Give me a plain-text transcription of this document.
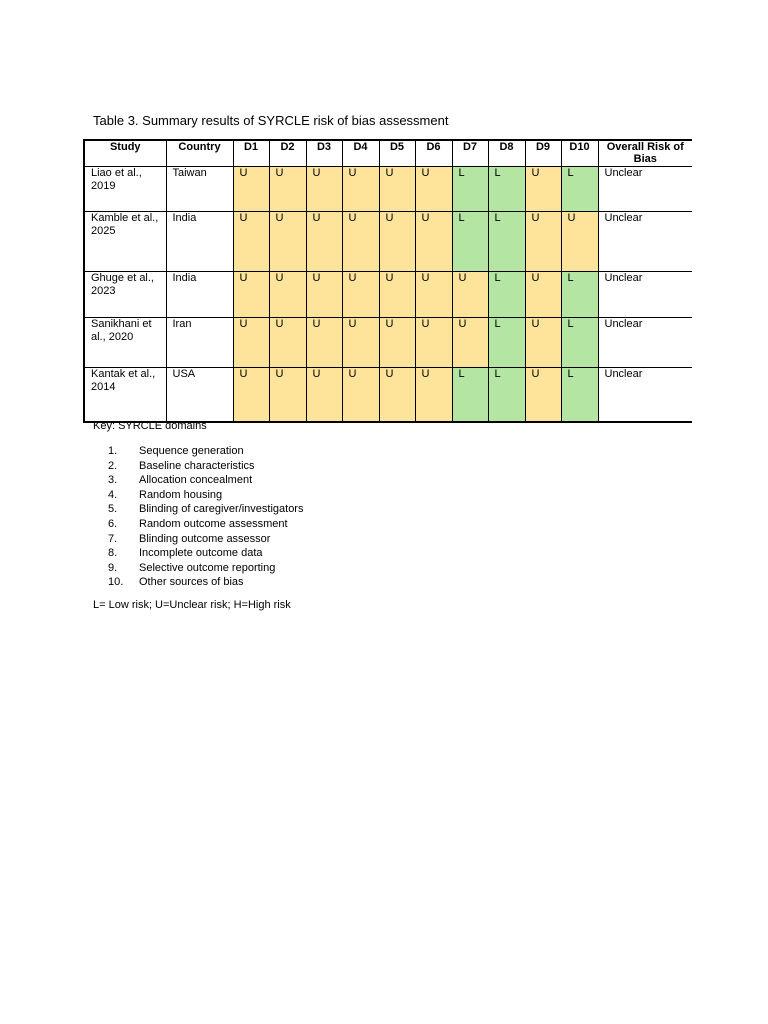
Table 3. Summary results of SYRCLE risk of bias assessment
Study	Country	D1	D2	D3	D4	D5	D6	D7	D8	D9	D10	Overall Risk of Bias
Liao et al., 2019	Taiwan	U	U	U	U	U	U	L	L	U	L	Unclear
Kamble et al., 2025	India	U	U	U	U	U	U	L	L	U	U	Unclear
Ghuge et al., 2023	India	U	U	U	U	U	U	U	L	U	L	Unclear
Sanikhani et al., 2020	Iran	U	U	U	U	U	U	U	L	U	L	Unclear
Kantak et al., 2014	USA	U	U	U	U	U	U	L	L	U	L	Unclear
Key: SYRCLE domains
1.	Sequence generation
2.	Baseline characteristics
3.	Allocation concealment
4.	Random housing
5.	Blinding of caregiver/investigators
6.	Random outcome assessment
7.	Blinding outcome assessor
8.	Incomplete outcome data
9.	Selective outcome reporting
10.	Other sources of bias
L= Low risk; U=Unclear risk; H=High risk
